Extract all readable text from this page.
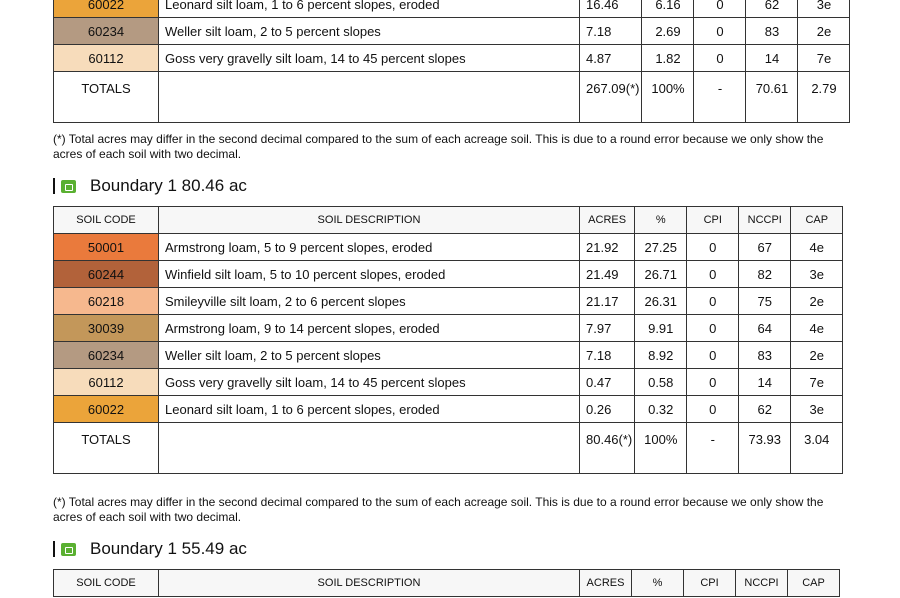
60022	Leonard silt loam, 1 to 6 percent slopes, eroded	16.46	6.16	0	62	3e
60234	Weller silt loam, 2 to 5 percent slopes	7.18	2.69	0	83	2e
60112	Goss very gravelly silt loam, 14 to 45 percent slopes	4.87	1.82	0	14	7e
TOTALS		267.09(*)	100%	-	70.61	2.79
(*) Total acres may differ in the second decimal compared to the sum of each acreage soil. This is due to a round error because we only show the acres of each soil with two decimal.
Boundary 1 80.46 ac
SOIL CODE	SOIL DESCRIPTION	ACRES	%	CPI	NCCPI	CAP
50001	Armstrong loam, 5 to 9 percent slopes, eroded	21.92	27.25	0	67	4e
60244	Winfield silt loam, 5 to 10 percent slopes, eroded	21.49	26.71	0	82	3e
60218	Smileyville silt loam, 2 to 6 percent slopes	21.17	26.31	0	75	2e
30039	Armstrong loam, 9 to 14 percent slopes, eroded	7.97	9.91	0	64	4e
60234	Weller silt loam, 2 to 5 percent slopes	7.18	8.92	0	83	2e
60112	Goss very gravelly silt loam, 14 to 45 percent slopes	0.47	0.58	0	14	7e
60022	Leonard silt loam, 1 to 6 percent slopes, eroded	0.26	0.32	0	62	3e
TOTALS		80.46(*)	100%	-	73.93	3.04
(*) Total acres may differ in the second decimal compared to the sum of each acreage soil. This is due to a round error because we only show the acres of each soil with two decimal.
Boundary 1 55.49 ac
SOIL CODE	SOIL DESCRIPTION	ACRES	%	CPI	NCCPI	CAP
